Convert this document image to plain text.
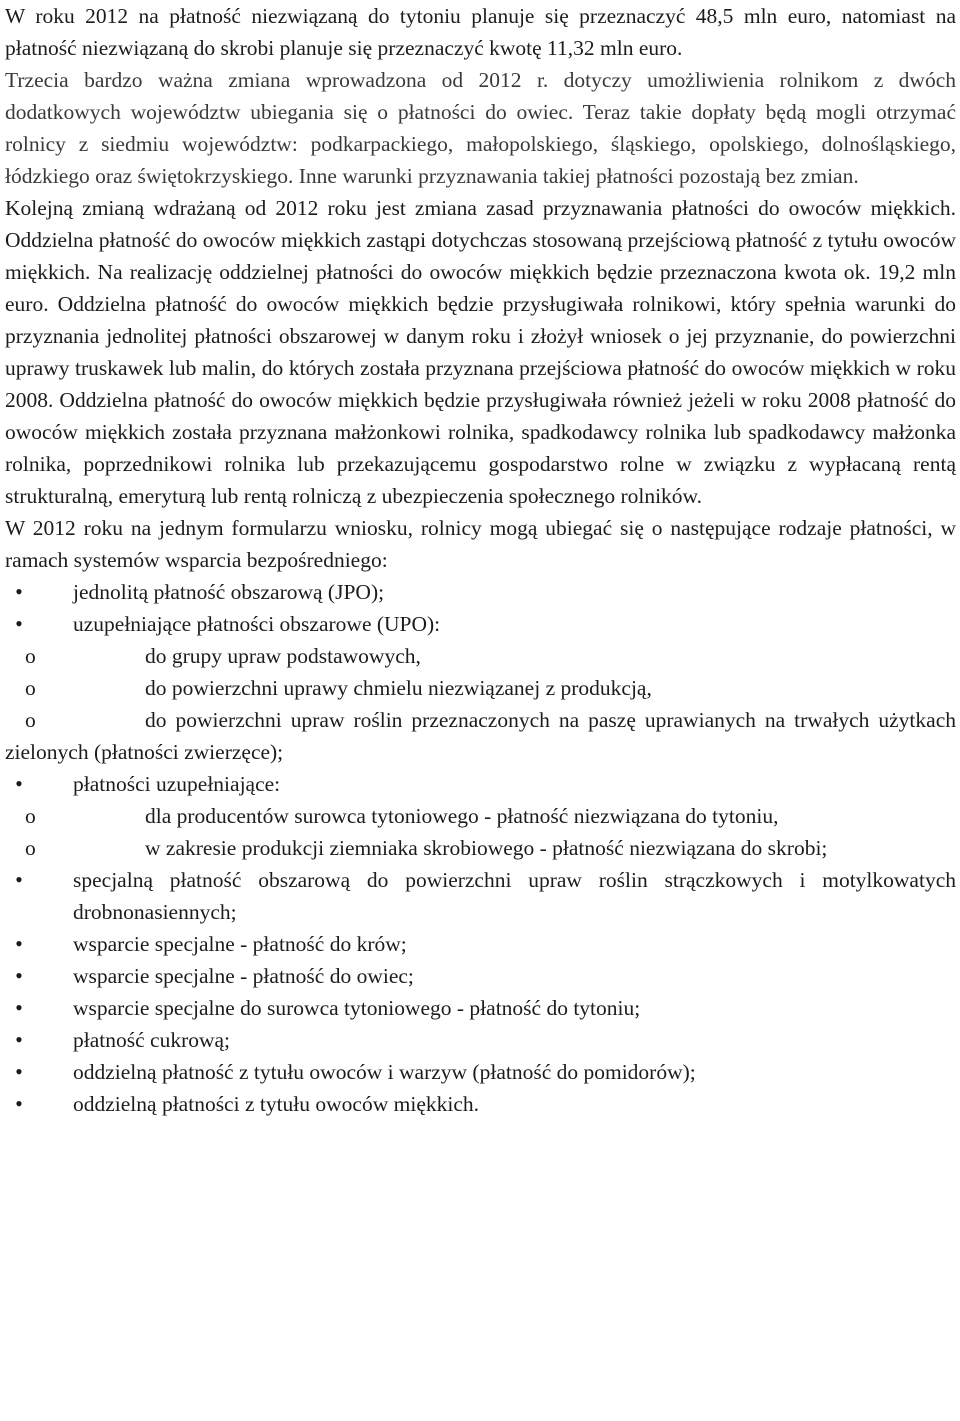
W roku 2012 na płatność niezwiązaną do tytoniu planuje się przeznaczyć 48,5 mln euro, natomiast na płatność niezwiązaną do skrobi planuje się przeznaczyć kwotę 11,32 mln euro.

Trzecia bardzo ważna zmiana wprowadzona od 2012 r. dotyczy umożliwienia rolnikom z dwóch dodatkowych województw ubiegania się o płatności do owiec. Teraz takie dopłaty będą mogli otrzymać rolnicy z siedmiu województw: podkarpackiego, małopolskiego, śląskiego, opolskiego, dolnośląskiego, łódzkiego oraz świętokrzyskiego. Inne warunki przyznawania takiej płatności pozostają bez zmian.

Kolejną zmianą wdrażaną od 2012 roku jest zmiana zasad przyznawania płatności do owoców miękkich. Oddzielna płatność do owoców miękkich zastąpi dotychczas stosowaną przejściową płatność z tytułu owoców miękkich. Na realizację oddzielnej płatności do owoców miękkich będzie przeznaczona kwota ok. 19,2 mln euro. Oddzielna płatność do owoców miękkich będzie przysługiwała rolnikowi, który spełnia warunki do przyznania jednolitej płatności obszarowej w danym roku i złożył wniosek o jej przyznanie, do powierzchni uprawy truskawek lub malin, do których została przyznana przejściowa płatność do owoców miękkich w roku 2008. Oddzielna płatność do owoców miękkich będzie przysługiwała również jeżeli w roku 2008 płatność do owoców miękkich została przyznana małżonkowi rolnika, spadkodawcy rolnika lub spadkodawcy małżonka rolnika, poprzednikowi rolnika lub przekazującemu gospodarstwo rolne w związku z wypłacaną rentą strukturalną, emeryturą lub rentą rolniczą z ubezpieczenia społecznego rolników.

W 2012 roku na jednym formularzu wniosku, rolnicy mogą ubiegać się o następujące rodzaje płatności, w ramach systemów wsparcia bezpośredniego:

•
jednolitą płatność obszarową (JPO);
•
uzupełniające płatności obszarowe (UPO):
odo grupy upraw podstawowych,
odo powierzchni uprawy chmielu niezwiązanej z produkcją,
odo powierzchni upraw roślin przeznaczonych na paszę uprawianych na trwałych użytkach zielonych (płatności zwierzęce);
•
płatności uzupełniające:
odla producentów surowca tytoniowego - płatność niezwiązana do tytoniu,
ow zakresie produkcji ziemniaka skrobiowego - płatność niezwiązana do skrobi;
•
specjalną płatność obszarową do powierzchni upraw roślin strączkowych i motylkowatych drobnonasiennych;
•
wsparcie specjalne - płatność do krów;
•
wsparcie specjalne - płatność do owiec;
•
wsparcie specjalne do surowca tytoniowego - płatność do tytoniu;
•
płatność cukrową;
•
oddzielną płatność z tytułu owoców i warzyw (płatność do pomidorów);
•
oddzielną płatności z tytułu owoców miękkich.
